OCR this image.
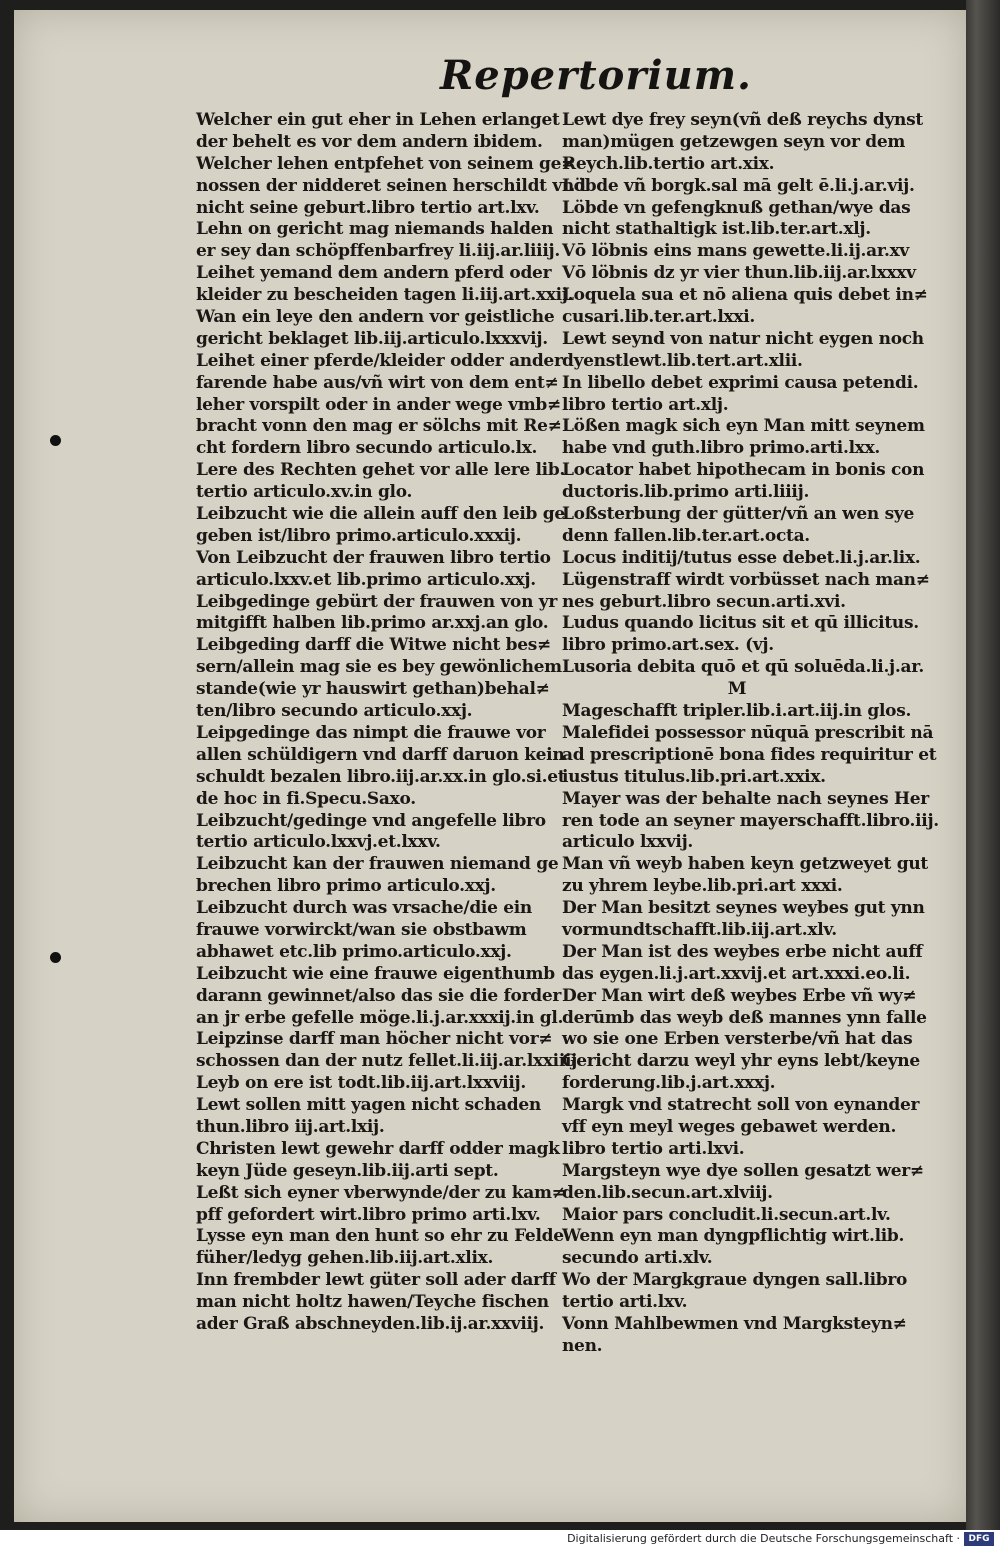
Repertorium.
Welcher ein gut eher in Lehen erlanget
der behelt es vor dem andern ibidem.
Welcher lehen entpfehet von seinem ge≠
nossen der nidderet seinen herschildt vnd
nicht seine geburt.libro tertio art.lxv.
Lehn on gericht mag niemands halden
er sey dan schöpffenbarfrey li.iij.ar.liiij.
Leihet yemand dem andern pferd oder
kleider zu bescheiden tagen li.iij.art.xxij.
Wan ein leye den andern vor geistliche
gericht beklaget lib.iij.articulo.lxxxvij.
Leihet einer pferde/kleider odder ander
farende habe aus/vñ wirt von dem ent≠
leher vorspilt oder in ander wege vmb≠
bracht vonn den mag er sölchs mit Re≠
cht fordern libro secundo articulo.lx.
Lere des Rechten gehet vor alle lere lib.
tertio articulo.xv.in glo.
Leibzucht wie die allein auff den leib ge
geben ist/libro primo.articulo.xxxij.
Von Leibzucht der frauwen libro tertio
articulo.lxxv.et lib.primo articulo.xxj.
Leibgedinge gebürt der frauwen von yr
mitgifft halben lib.primo ar.xxj.an glo.
Leibgeding darff die Witwe nicht bes≠
sern/allein mag sie es bey gewönlichem
stande(wie yr hauswirt gethan)behal≠
ten/libro secundo articulo.xxj.
Leipgedinge das nimpt die frauwe vor
allen schüldigern vnd darff daruon kein
schuldt bezalen libro.iij.ar.xx.in glo.si.et
de hoc in fi.Specu.Saxo.
Leibzucht/gedinge vnd angefelle libro
tertio articulo.lxxvj.et.lxxv.
Leibzucht kan der frauwen niemand ge
brechen libro primo articulo.xxj.
Leibzucht durch was vrsache/die ein
frauwe vorwirckt/wan sie obstbawm
abhawet etc.lib primo.articulo.xxj.
Leibzucht wie eine frauwe eigenthumb
darann gewinnet/also das sie die forder
an jr erbe gefelle möge.li.j.ar.xxxij.in gl.
Leipzinse darff man höcher nicht vor≠
schossen dan der nutz fellet.li.iij.ar.lxxiiij
Leyb on ere ist todt.lib.iij.art.lxxviij.
Lewt sollen mitt yagen nicht schaden
thun.libro iij.art.lxij.
Christen lewt gewehr darff odder magk
keyn Jüde geseyn.lib.iij.arti sept.
Leßt sich eyner vberwynde/der zu kam≠
pff gefordert wirt.libro primo arti.lxv.
Lysse eyn man den hunt so ehr zu Felde
füher/ledyg gehen.lib.iij.art.xlix.
Inn frembder lewt güter soll ader darff
man nicht holtz hawen/Teyche fischen
ader Graß abschneyden.lib.ij.ar.xxviij.
Lewt dye frey seyn(vñ deß reychs dynst
man)mügen getzewgen seyn vor dem
Reych.lib.tertio art.xix.
Löbde vñ borgk.sal mā gelt ē.li.j.ar.vij.
Löbde vn gefengknuß gethan/wye das
nicht stathaltigk ist.lib.ter.art.xlj.
Vō löbnis eins mans gewette.li.ij.ar.xv
Vō löbnis dz yr vier thun.lib.iij.ar.lxxxv
Loquela sua et nō aliena quis debet in≠
cusari.lib.ter.art.lxxi.
Lewt seynd von natur nicht eygen noch
dyenstlewt.lib.tert.art.xlii.
In libello debet exprimi causa petendi.
libro tertio art.xlj.
Lößen magk sich eyn Man mitt seynem
habe vnd guth.libro primo.arti.lxx.
Locator habet hipothecam in bonis con
ductoris.lib.primo arti.liiij.
Loßsterbung der gütter/vñ an wen sye
denn fallen.lib.ter.art.octa.
Locus inditij/tutus esse debet.li.j.ar.lix.
Lügenstraff wirdt vorbüsset nach man≠
nes geburt.libro secun.arti.xvi.
Ludus quando licitus sit et qū illicitus.
libro primo.art.sex. (vj.
Lusoria debita quō et qū soluēda.li.j.ar.
M
Mageschafft tripler.lib.i.art.iij.in glos.
Malefidei possessor nūquā prescribit nā
ad prescriptionē bona fides requiritur et
iustus titulus.lib.pri.art.xxix.
Mayer was der behalte nach seynes Her
ren tode an seyner mayerschafft.libro.iij.
articulo lxxvij.
Man vñ weyb haben keyn getzweyet gut
zu yhrem leybe.lib.pri.art xxxi.
Der Man besitzt seynes weybes gut ynn
vormundtschafft.lib.iij.art.xlv.
Der Man ist des weybes erbe nicht auff
das eygen.li.j.art.xxvij.et art.xxxi.eo.li.
Der Man wirt deß weybes Erbe vñ wy≠
derūmb das weyb deß mannes ynn falle
wo sie one Erben versterbe/vñ hat das
Gericht darzu weyl yhr eyns lebt/keyne
forderung.lib.j.art.xxxj.
Margk vnd statrecht soll von eynander
vff eyn meyl weges gebawet werden.
libro tertio arti.lxvi.
Margsteyn wye dye sollen gesatzt wer≠
den.lib.secun.art.xlviij.
Maior pars concludit.li.secun.art.lv.
Wenn eyn man dyngpflichtig wirt.lib.
secundo arti.xlv.
Wo der Margkgraue dyngen sall.libro
tertio arti.lxv.
Vonn Mahlbewmen vnd Margksteyn≠
nen.
Digitalisierung gefördert durch die Deutsche Forschungsgemeinschaft · DFG
